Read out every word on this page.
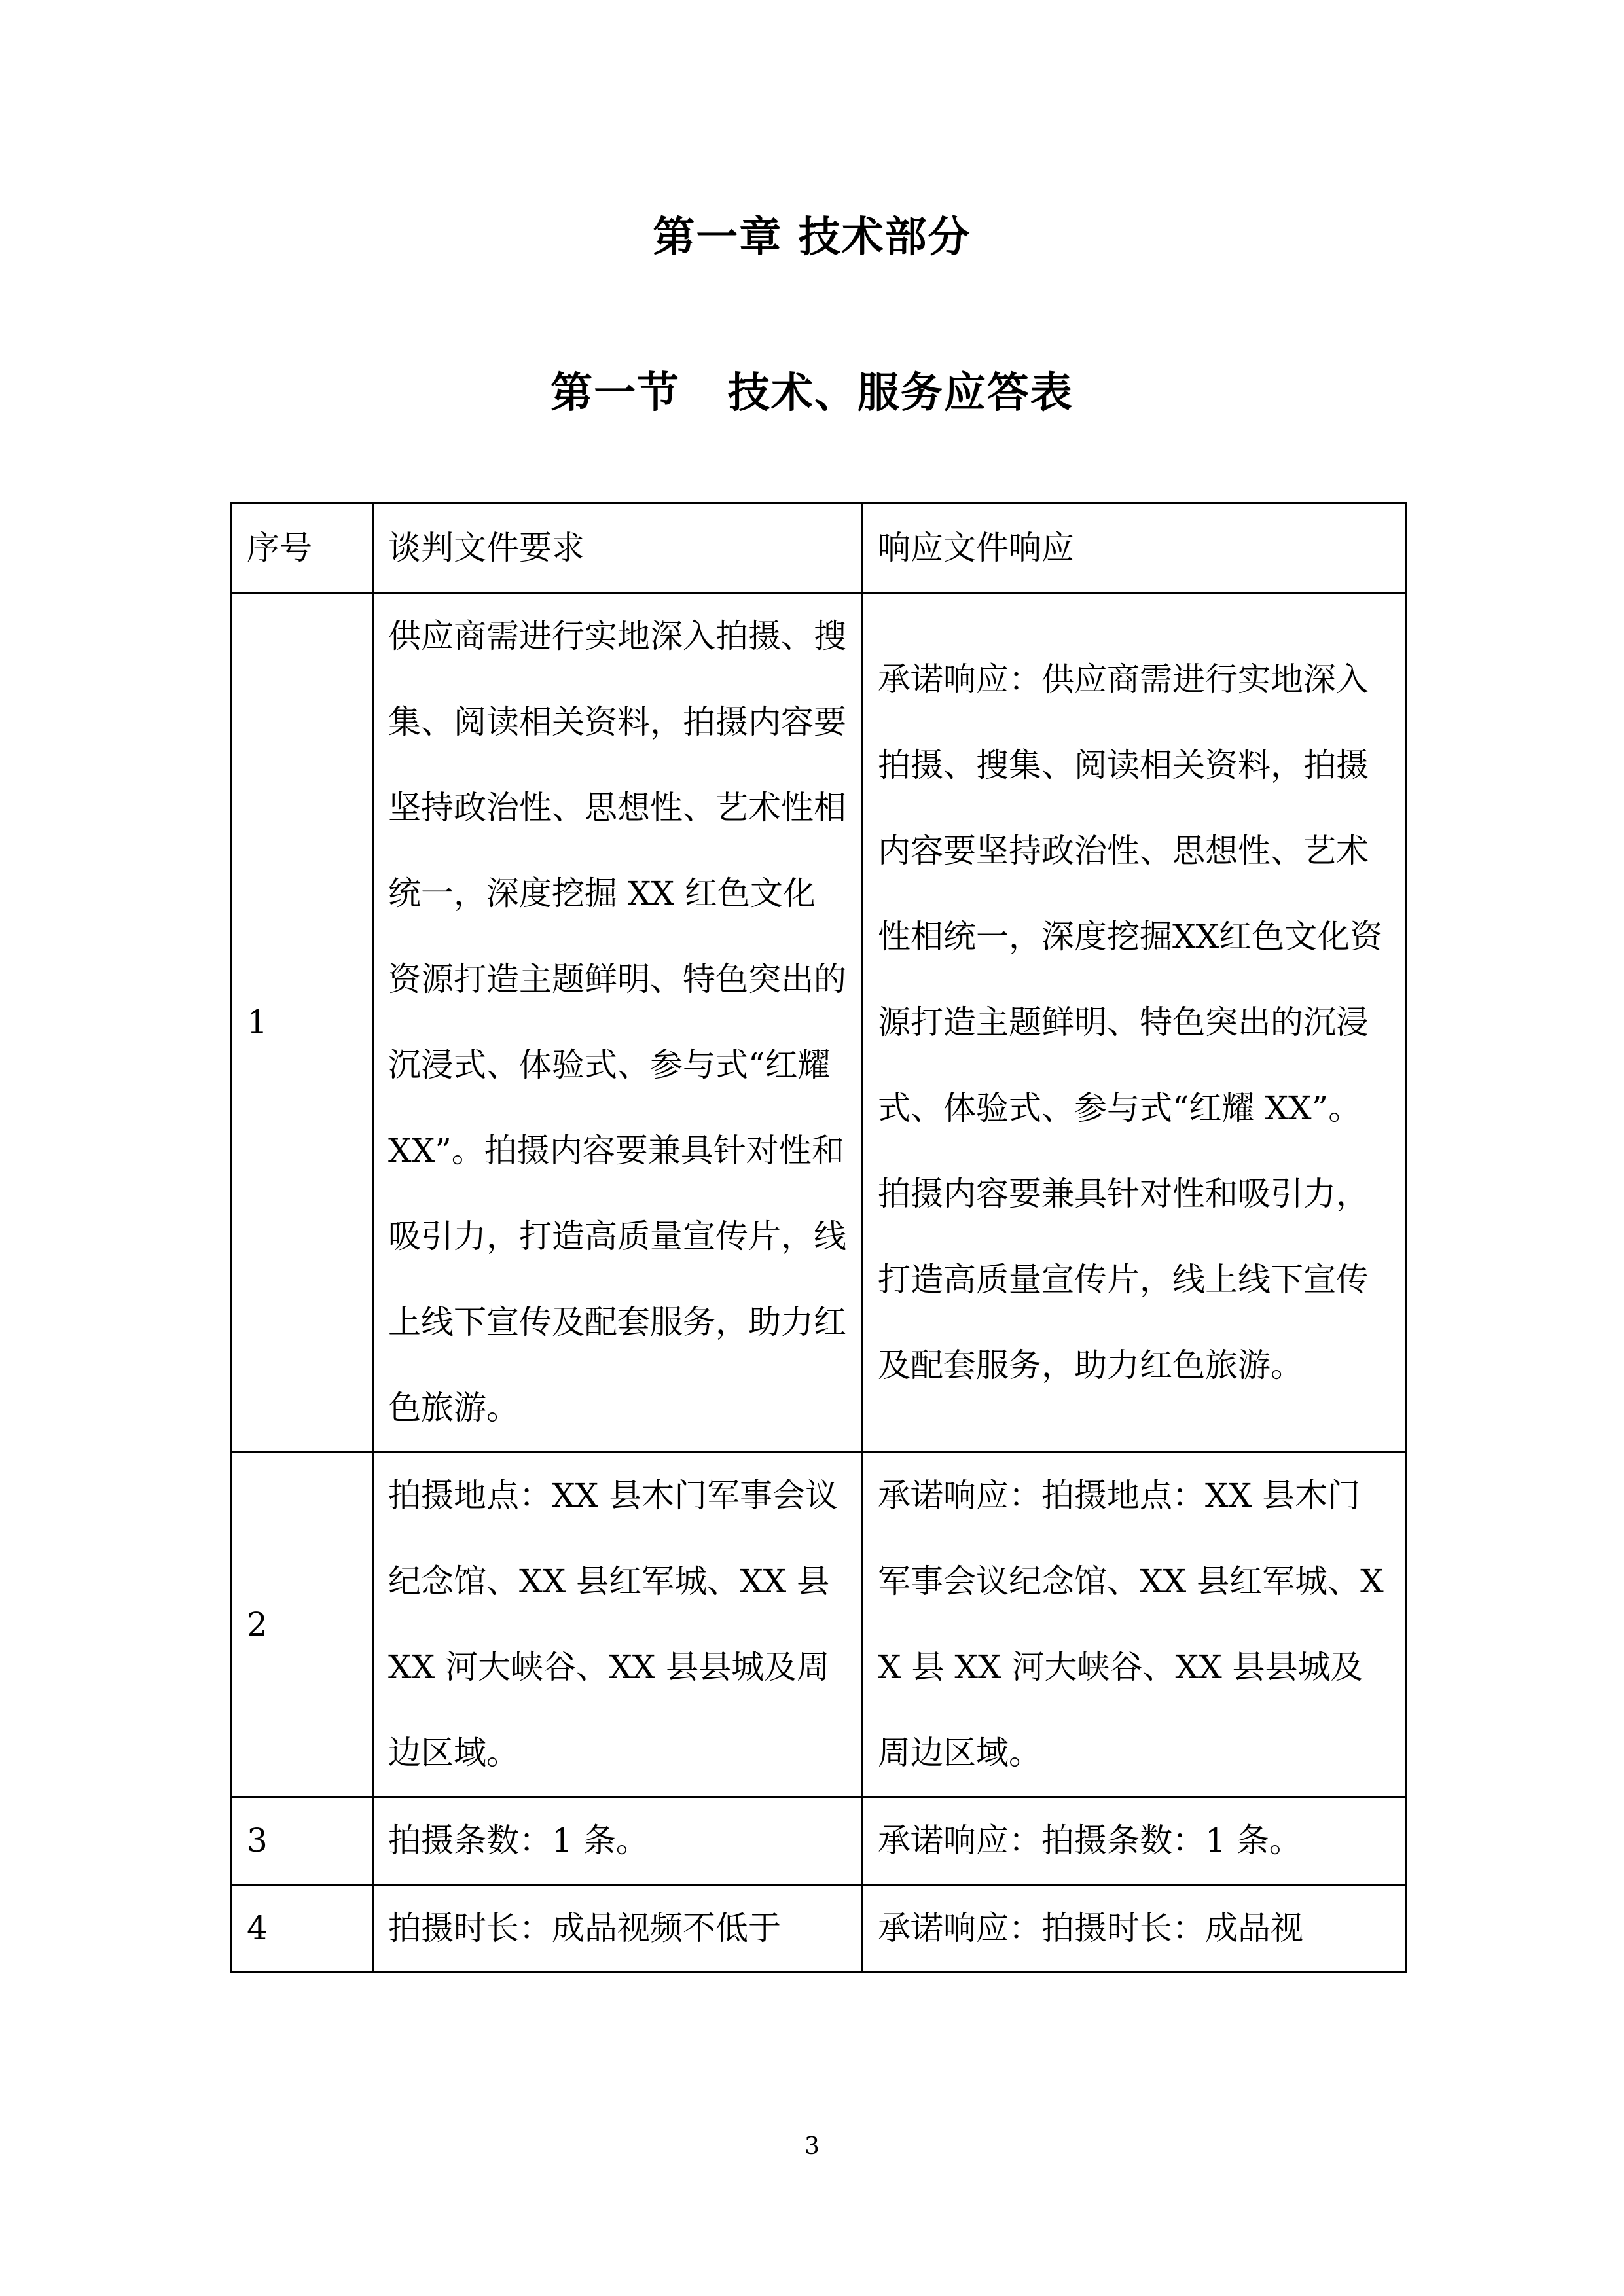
第一章 技术部分
第一节   技术、服务应答表
序号	谈判文件要求	响应文件响应
1	供应商需进行实地深入拍摄、搜集、阅读相关资料，拍摄内容要坚持政治性、思想性、艺术性相统一，深度挖掘 XX 红色文化资源打造主题鲜明、特色突出的沉浸式、体验式、参与式“红耀 XX”。拍摄内容要兼具针对性和吸引力，打造高质量宣传片，线上线下宣传及配套服务，助力红色旅游。	承诺响应：供应商需进行实地深入拍摄、搜集、阅读相关资料，拍摄内容要坚持政治性、思想性、艺术性相统一，深度挖掘XX红色文化资源打造主题鲜明、特色突出的沉浸式、体验式、参与式“红耀 XX”。拍摄内容要兼具针对性和吸引力，打造高质量宣传片，线上线下宣传及配套服务，助力红色旅游。
2	拍摄地点：XX 县木门军事会议纪念馆、XX 县红军城、XX 县 XX 河大峡谷、XX 县县城及周边区域。	承诺响应：拍摄地点：XX 县木门军事会议纪念馆、XX 县红军城、XX 县 XX 河大峡谷、XX 县县城及周边区域。
3	拍摄条数：1 条。	承诺响应：拍摄条数：1 条。
4	拍摄时长：成品视频不低于	承诺响应：拍摄时长：成品视
3
